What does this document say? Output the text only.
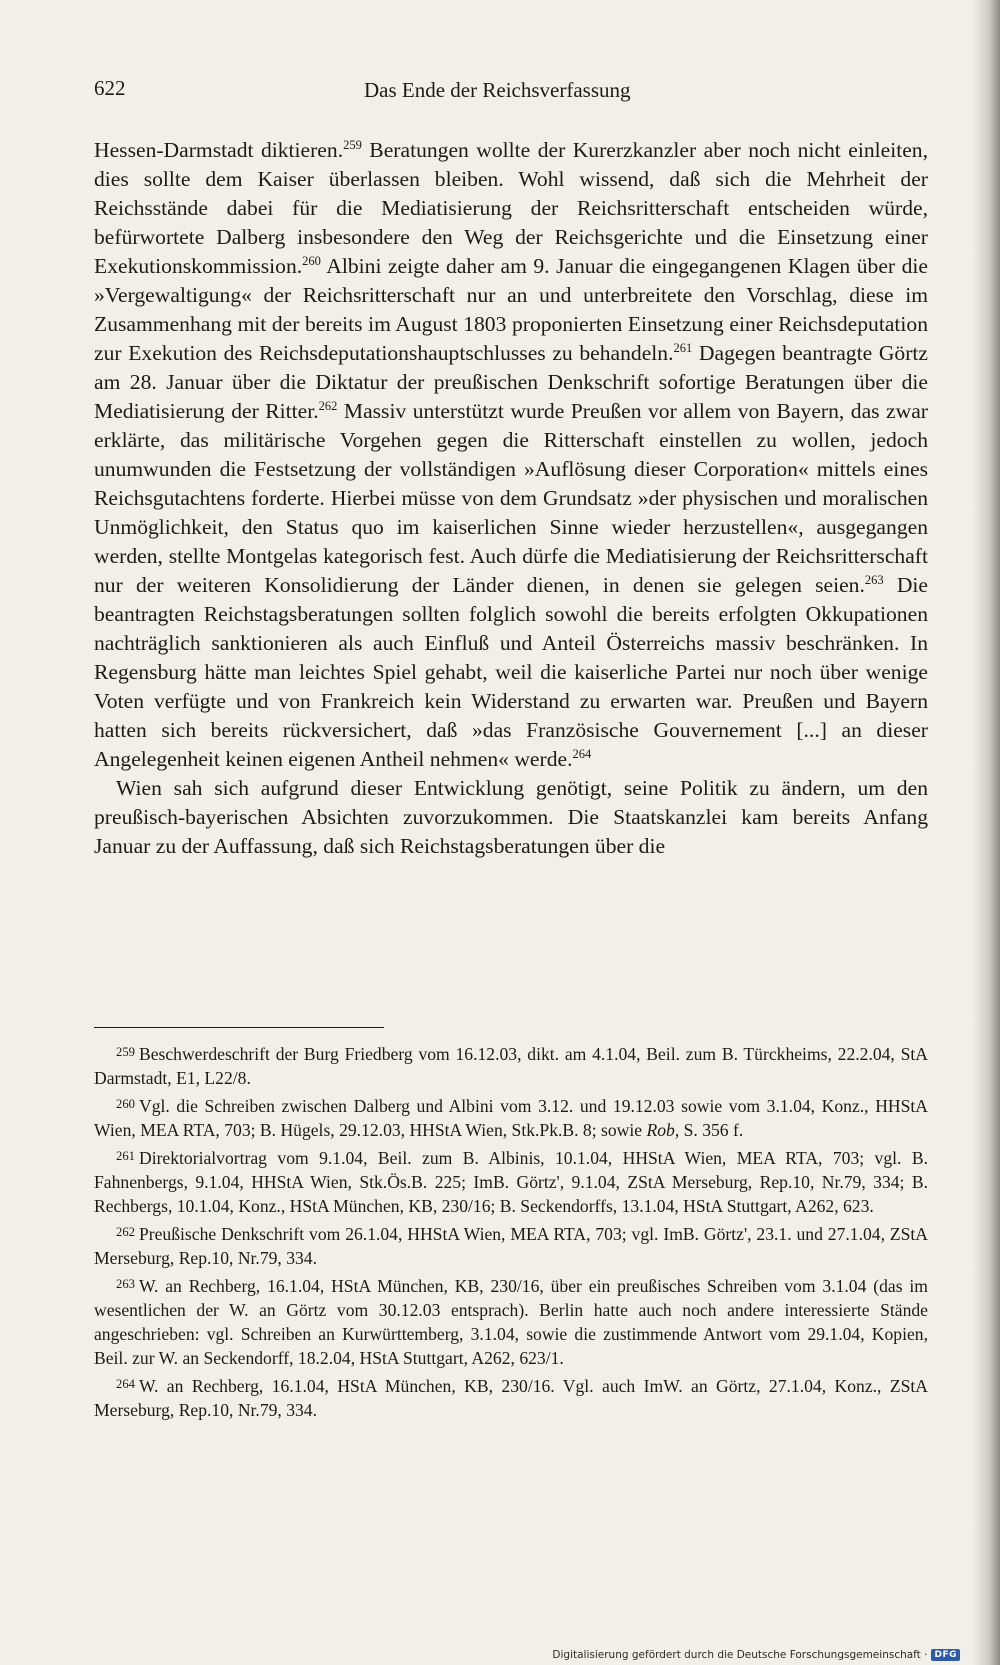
622	Das Ende der Reichsverfassung

Hessen-Darmstadt diktieren.$^{259}$ Beratungen wollte der Kurerzkanzler aber noch nicht einleiten, dies sollte dem Kaiser überlassen bleiben. Wohl wissend, daß sich die Mehrheit der Reichsstände dabei für die Mediatisierung der Reichsritterschaft entscheiden würde, befürwortete Dalberg insbesondere den Weg der Reichsgerichte und die Einsetzung einer Exekutionskommission.$^{260}$ Albini zeigte daher am 9. Januar die eingegangenen Klagen über die »Vergewaltigung« der Reichsritterschaft nur an und unterbreitete den Vorschlag, diese im Zusammenhang mit der bereits im August 1803 proponierten Einsetzung einer Reichsdeputation zur Exekution des Reichsdeputationshauptschlusses zu behandeln.$^{261}$ Dagegen beantragte Görtz am 28. Januar über die Diktatur der preußischen Denkschrift sofortige Beratungen über die Mediatisierung der Ritter.$^{262}$ Massiv unterstützt wurde Preußen vor allem von Bayern, das zwar erklärte, das militärische Vorgehen gegen die Ritterschaft einstellen zu wollen, jedoch unumwunden die Festsetzung der vollständigen »Auflösung dieser Corporation« mittels eines Reichsgutachtens forderte. Hierbei müsse von dem Grundsatz »der physischen und moralischen Unmöglichkeit, den Status quo im kaiserlichen Sinne wieder herzustellen«, ausgegangen werden, stellte Montgelas kategorisch fest. Auch dürfe die Mediatisierung der Reichsritterschaft nur der weiteren Konsolidierung der Länder dienen, in denen sie gelegen seien.$^{263}$ Die beantragten Reichstagsberatungen sollten folglich sowohl die bereits erfolgten Okkupationen nachträglich sanktionieren als auch Einfluß und Anteil Österreichs massiv beschränken. In Regensburg hätte man leichtes Spiel gehabt, weil die kaiserliche Partei nur noch über wenige Voten verfügte und von Frankreich kein Widerstand zu erwarten war. Preußen und Bayern hatten sich bereits rückversichert, daß »das Französische Gouvernement [...] an dieser Angelegenheit keinen eigenen Antheil nehmen« werde.$^{264}$

Wien sah sich aufgrund dieser Entwicklung genötigt, seine Politik zu ändern, um den preußisch-bayerischen Absichten zuvorzukommen. Die Staatskanzlei kam bereits Anfang Januar zu der Auffassung, daß sich Reichstagsberatungen über die

$^{259}$ Beschwerdeschrift der Burg Friedberg vom 16.12.03, dikt. am 4.1.04, Beil. zum B. Türckheims, 22.2.04, StA Darmstadt, E1, L22/8.

$^{260}$ Vgl. die Schreiben zwischen Dalberg und Albini vom 3.12. und 19.12.03 sowie vom 3.1.04, Konz., HHStA Wien, MEA RTA, 703; B. Hügels, 29.12.03, HHStA Wien, Stk.Pk.B. 8; sowie Rob, S. 356 f.

$^{261}$ Direktorialvortrag vom 9.1.04, Beil. zum B. Albinis, 10.1.04, HHStA Wien, MEA RTA, 703; vgl. B. Fahnenbergs, 9.1.04, HHStA Wien, Stk.Ös.B. 225; ImB. Görtz', 9.1.04, ZStA Merseburg, Rep.10, Nr.79, 334; B. Rechbergs, 10.1.04, Konz., HStA München, KB, 230/16; B. Seckendorffs, 13.1.04, HStA Stuttgart, A262, 623.

$^{262}$ Preußische Denkschrift vom 26.1.04, HHStA Wien, MEA RTA, 703; vgl. ImB. Görtz', 23.1. und 27.1.04, ZStA Merseburg, Rep.10, Nr.79, 334.

$^{263}$ W. an Rechberg, 16.1.04, HStA München, KB, 230/16, über ein preußisches Schreiben vom 3.1.04 (das im wesentlichen der W. an Görtz vom 30.12.03 entsprach). Berlin hatte auch noch andere interessierte Stände angeschrieben: vgl. Schreiben an Kurwürttemberg, 3.1.04, sowie die zustimmende Antwort vom 29.1.04, Kopien, Beil. zur W. an Seckendorff, 18.2.04, HStA Stuttgart, A262, 623/1.

$^{264}$ W. an Rechberg, 16.1.04, HStA München, KB, 230/16. Vgl. auch ImW. an Görtz, 27.1.04, Konz., ZStA Merseburg, Rep.10, Nr.79, 334.

Digitalisierung gefördert durch die Deutsche Forschungsgemeinschaft · DFG
